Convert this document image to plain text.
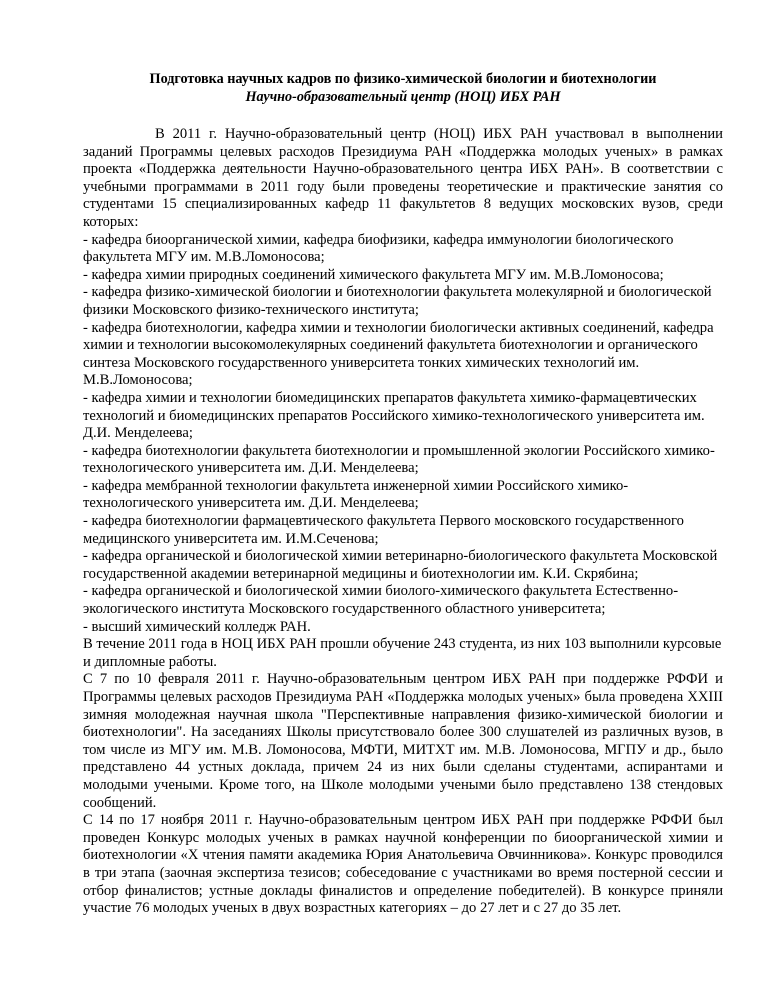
Подготовка научных кадров по физико-химической биологии и биотехнологии
Научно-образовательный центр (НОЦ) ИБХ РАН

В 2011 г. Научно-образовательный центр (НОЦ) ИБХ РАН участвовал в выполнении заданий Программы целевых расходов Президиума РАН «Поддержка молодых ученых» в рамках проекта «Поддержка деятельности Научно-образовательного центра ИБХ РАН». В соответствии с учебными программами в 2011 году были проведены теоретические и практические занятия со студентами 15 специализированных кафедр 11 факультетов 8 ведущих московских вузов, среди которых:

- кафедра биоорганической химии, кафедра биофизики, кафедра иммунологии биологического факультета МГУ им. М.В.Ломоносова;

- кафедра химии природных соединений химического факультета МГУ им. М.В.Ломоносова;

- кафедра физико-химической биологии и биотехнологии факультета молекулярной и биологической физики Московского физико-технического института;

- кафедра биотехнологии, кафедра химии и технологии биологически активных соединений, кафедра химии и технологии высокомолекулярных соединений факультета биотехнологии и органического синтеза Московского государственного университета тонких химических технологий им. М.В.Ломоносова;

- кафедра химии и технологии биомедицинских препаратов факультета химико-фармацевтических технологий и биомедицинских препаратов Российского химико-технологического университета им. Д.И. Менделеева;

- кафедра биотехнологии факультета биотехнологии и промышленной экологии Российского химико-технологического университета им. Д.И. Менделеева;

- кафедра мембранной технологии факультета инженерной химии Российского химико-технологического университета им. Д.И. Менделеева;

- кафедра биотехнологии фармацевтического факультета Первого московского государственного медицинского университета им. И.М.Сеченова;

- кафедра органической и биологической химии ветеринарно-биологического факультета Московской государственной академии ветеринарной медицины и биотехнологии им. К.И. Скрябина;

- кафедра органической и биологической химии биолого-химического факультета Естественно-экологического института Московского государственного областного университета;

- высший химический колледж РАН.

В течение 2011 года в НОЦ ИБХ РАН прошли обучение 243 студента, из них 103 выполнили курсовые и дипломные работы.

С 7 по 10 февраля 2011 г. Научно-образовательным центром ИБХ РАН при поддержке РФФИ и Программы целевых расходов Президиума РАН «Поддержка молодых ученых» была проведена XXIII зимняя молодежная научная школа "Перспективные направления физико-химической биологии и биотехнологии". На заседаниях Школы присутствовало более 300 слушателей из различных вузов, в том числе из МГУ им. М.В. Ломоносова, МФТИ, МИТХТ им. М.В. Ломоносова, МГПУ и др., было представлено 44 устных доклада, причем 24 из них были сделаны студентами, аспирантами и молодыми учеными. Кроме того, на Школе молодыми учеными было представлено 138 стендовых сообщений.

С 14 по 17 ноября 2011 г. Научно-образовательным центром ИБХ РАН при поддержке РФФИ был проведен Конкурс молодых ученых в рамках научной конференции по биоорганической химии и биотехнологии «Х чтения памяти академика Юрия Анатольевича Овчинникова». Конкурс проводился в три этапа (заочная экспертиза тезисов; собеседование с участниками во время постерной сессии и отбор финалистов; устные доклады финалистов и определение победителей). В конкурсе приняли участие 76 молодых ученых в двух возрастных категориях – до 27 лет и с 27 до 35 лет.
